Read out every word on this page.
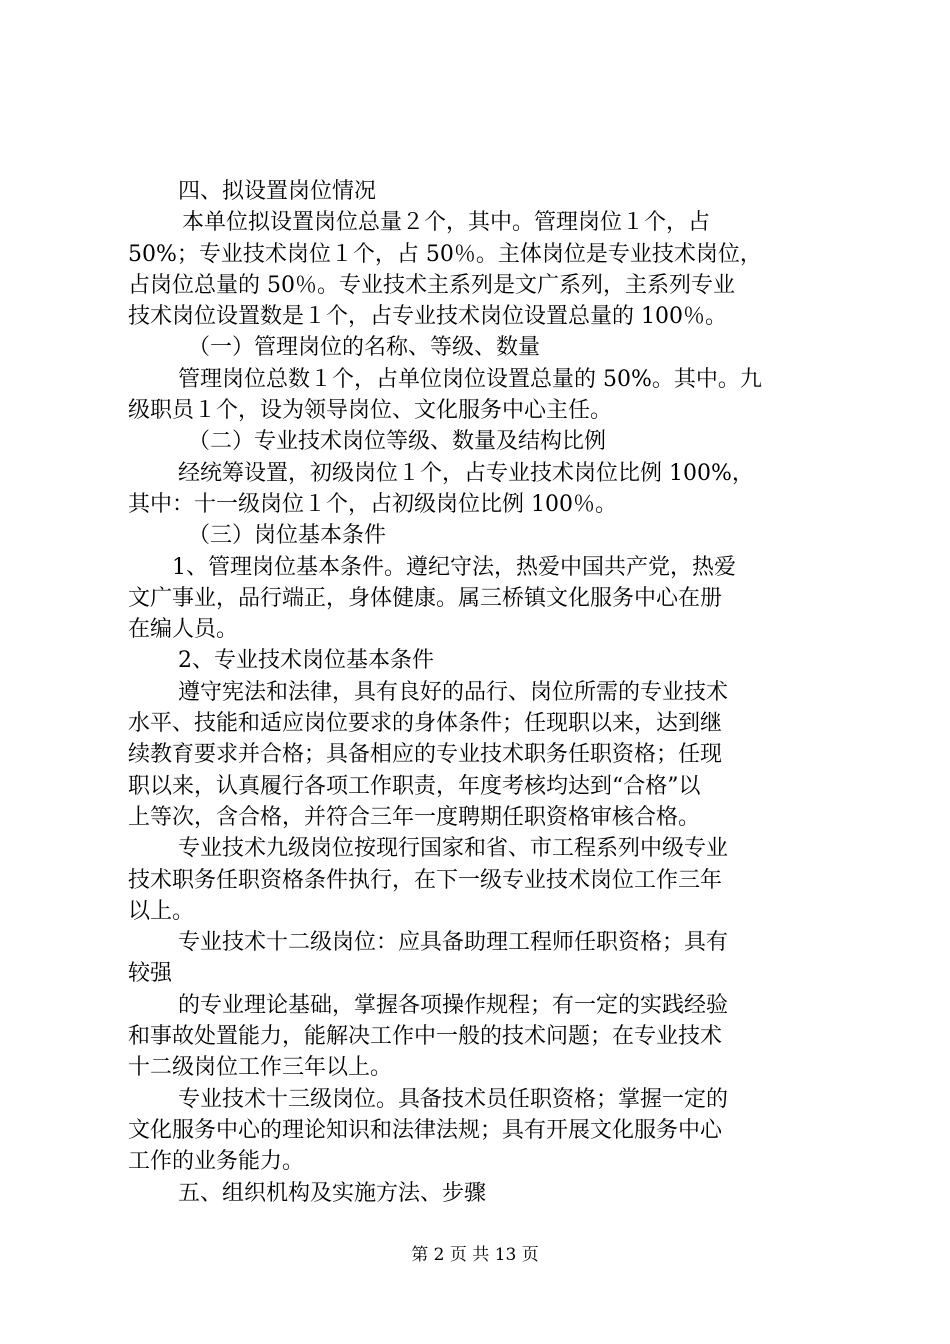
四、拟设置岗位情况
本单位拟设置岗位总量２个，其中。管理岗位１个，占
50%；专业技术岗位１个，占 50％。主体岗位是专业技术岗位，
占岗位总量的 50％。专业技术主系列是文广系列，主系列专业
技术岗位设置数是１个，占专业技术岗位设置总量的 100％。
（一）管理岗位的名称、等级、数量
管理岗位总数１个，占单位岗位设置总量的 50%。其中。九
级职员１个，设为领导岗位、文化服务中心主任。
（二）专业技术岗位等级、数量及结构比例
经统筹设置，初级岗位１个，占专业技术岗位比例 100%，
其中：十一级岗位１个，占初级岗位比例 100％。
（三）岗位基本条件
1、管理岗位基本条件。遵纪守法，热爱中国共产党，热爱
文广事业，品行端正，身体健康。属三桥镇文化服务中心在册
在编人员。
2、专业技术岗位基本条件
遵守宪法和法律，具有良好的品行、岗位所需的专业技术
水平、技能和适应岗位要求的身体条件；任现职以来，达到继
续教育要求并合格；具备相应的专业技术职务任职资格；任现
职以来，认真履行各项工作职责，年度考核均达到“合格”以
上等次，含合格，并符合三年一度聘期任职资格审核合格。
专业技术九级岗位按现行国家和省、市工程系列中级专业
技术职务任职资格条件执行，在下一级专业技术岗位工作三年
以上。
专业技术十二级岗位：应具备助理工程师任职资格；具有
较强
的专业理论基础，掌握各项操作规程；有一定的实践经验
和事故处置能力，能解决工作中一般的技术问题；在专业技术
十二级岗位工作三年以上。
专业技术十三级岗位。具备技术员任职资格；掌握一定的
文化服务中心的理论知识和法律法规；具有开展文化服务中心
工作的业务能力。
五、组织机构及实施方法、步骤
第 2 页 共 13 页
